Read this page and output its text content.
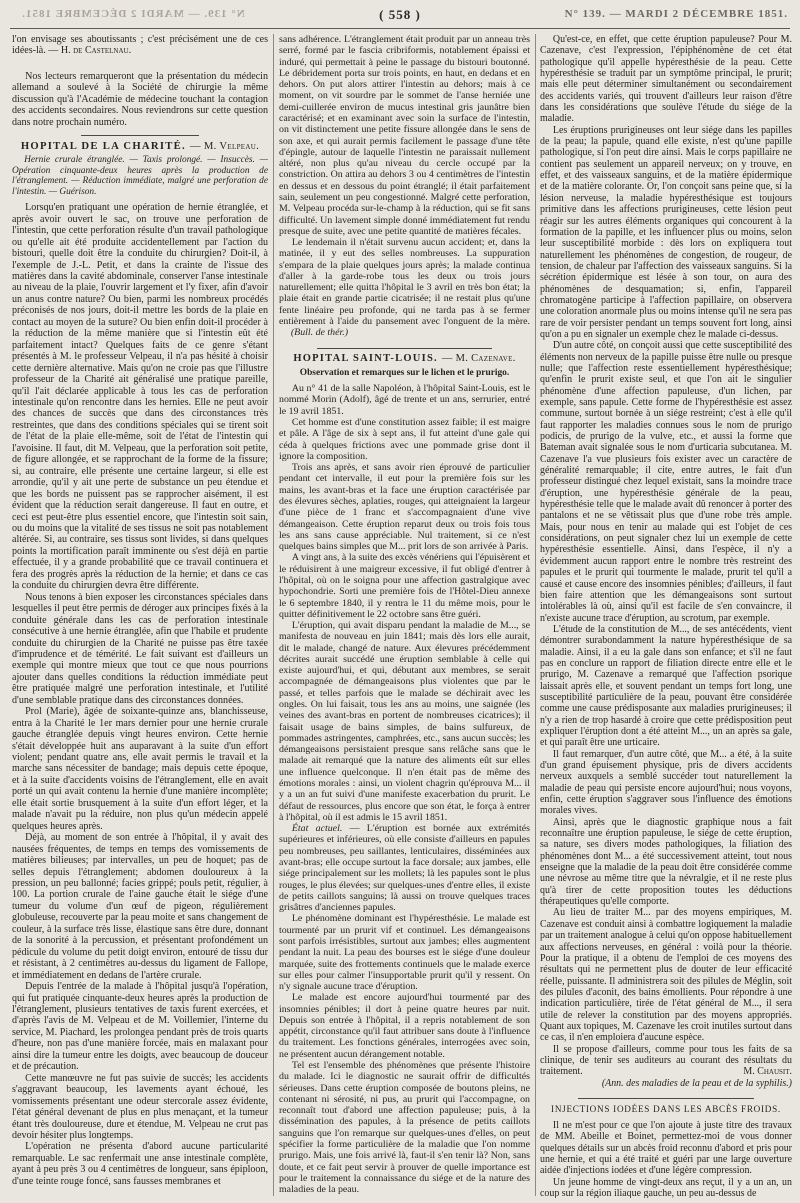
N° 139. — MARDI 2 DÉCEMBRE 1851.	( 558 )	N° 139. — MARDI 2 DÉCEMBRE 1851.

l'on envisage ses aboutissants ; c'est précisément une de ces idées-là. — H. de Castelnau.

Nos lecteurs remarqueront que la présentation du médecin allemand a soulevé à la Société de chirurgie la même discussion qu'à l'Académie de médecine touchant la contagion des accidents secondaires. Nous reviendrons sur cette question dans notre prochain numéro.

HOPITAL DE LA CHARITÉ. — M. Velpeau.

Hernie crurale étranglée. — Taxis prolongé. — Insuccès. — Opération cinquante-deux heures après la production de l'étranglement. — Réduction immédiate, malgré une perforation de l'intestin. — Guérison.

Lorsqu'en pratiquant une opération de hernie étranglée, et après avoir ouvert le sac, on trouve une perforation de l'intestin, que cette perforation résulte d'un travail pathologique ou qu'elle ait été produite accidentellement par l'action du bistouri, quelle doit être la conduite du chirurgien? Doit-il, à l'exemple de J.-L. Petit, et dans la crainte de l'issue des matières dans la cavité abdominale, conserver l'anse intestinale au niveau de la plaie, l'ouvrir largement et l'y fixer, afin d'avoir un anus contre nature? Ou bien, parmi les nombreux procédés préconisés de nos jours, doit-il mettre les bords de la plaie en contact au moyen de la suture? Ou bien enfin doit-il procéder à la réduction de la même manière que si l'intestin eût été parfaitement intact? Quelques faits de ce genre s'étant présentés à M. le professeur Velpeau, il n'a pas hésité à choisir cette dernière alternative. Mais qu'on ne croie pas que l'illustre professeur de la Charité ait généralisé une pratique pareille, qu'il l'ait déclarée applicable à tous les cas de perforation intestinale qu'on rencontre dans les hernies. Elle ne peut avoir des chances de succès que dans des circonstances très restreintes, que dans des conditions spéciales qui se tirent soit de l'état de la plaie elle-même, soit de l'état de l'intestin qui l'avoisine. Il faut, dit M. Velpeau, que la perforation soit petite, de figure allongée, et se rapprochant de la forme de la fissure; si, au contraire, elle présente une certaine largeur, si elle est arrondie, qu'il y ait une perte de substance un peu étendue et que les bords ne puissent pas se rapprocher aisément, il est évident que la réduction serait dangereuse. Il faut en outre, et ceci est peut-être plus essentiel encore, que l'intestin soit sain, ou du moins que la vitalité de ses tissus ne soit pas notablement altérée. Si, au contraire, ses tissus sont livides, si dans quelques points la mortification paraît imminente ou s'est déjà en partie effectuée, il y a grande probabilité que ce travail continuera et fera des progrès après la réduction de la hernie; et dans ce cas la conduite du chirurgien devra être différente.

Nous tenons à bien exposer les circonstances spéciales dans lesquelles il peut être permis de déroger aux principes fixés à la conduite générale dans les cas de perforation intestinale consécutive à une hernie étranglée, afin que l'habile et prudente conduite du chirurgien de la Charité ne puisse pas être taxée d'imprudence et de témérité. Le fait suivant est d'ailleurs un exemple qui montre mieux que tout ce que nous pourrions ajouter dans quelles conditions la réduction immédiate peut être pratiquée malgré une perforation intestinale, et l'utilité d'une semblable pratique dans des circonstances données.

Prol (Marie), âgée de soixante-quinze ans, blanchisseuse, entra à la Charité le 1er mars dernier pour une hernie crurale gauche étranglée depuis vingt heures environ. Cette hernie s'était développée huit ans auparavant à la suite d'un effort violent; pendant quatre ans, elle avait permis le travail et la marche sans nécessiter de bandage; mais depuis cette époque, et à la suite d'accidents voisins de l'étranglement, elle en avait porté un qui avait contenu la hernie d'une manière incomplète; elle était sortie brusquement à la suite d'un effort léger, et la malade n'avait pu la réduire, non plus qu'un médecin appelé quelques heures après.

Déjà, au moment de son entrée à l'hôpital, il y avait des nausées fréquentes, de temps en temps des vomissements de matières bilieuses; par intervalles, un peu de hoquet; pas de selles depuis l'étranglement; abdomen douloureux à la pression, un peu ballonné; facies grippé; pouls petit, régulier, à 100. La portion crurale de l'aine gauche était le siége d'une tumeur du volume d'un œuf de pigeon, régulièrement globuleuse, recouverte par la peau moite et sans changement de couleur, à la surface très lisse, élastique sans être dure, donnant de la sonorité à la percussion, et présentant profondément un pédicule du volume du petit doigt environ, entouré de tissu dur et résistant, à 2 centimètres au-dessus du ligament de Fallope, et immédiatement en dedans de l'artère crurale.

Depuis l'entrée de la malade à l'hôpital jusqu'à l'opération, qui fut pratiquée cinquante-deux heures après la production de l'étranglement, plusieurs tentatives de taxis furent exercées, et d'après l'avis de M. Velpeau et de M. Voillemier, l'interne du service, M. Piachard, les prolongea pendant près de trois quarts d'heure, non pas d'une manière forcée, mais en malaxant pour ainsi dire la tumeur entre les doigts, avec beaucoup de douceur et de précaution.

Cette manœuvre ne fut pas suivie de succès; les accidents s'aggravant beaucoup, les lavements ayant échoué, les vomissements présentant une odeur stercorale assez évidente, l'état général devenant de plus en plus menaçant, et la tumeur étant très douloureuse, dure et étendue, M. Velpeau ne crut pas devoir hésiter plus longtemps.

L'opération ne présenta d'abord aucune particularité remarquable. Le sac renfermait une anse intestinale complète, ayant à peu près 3 ou 4 centimètres de longueur, sans épiploon, d'une teinte rouge foncé, sans fausses membranes et

sans adhérence. L'étranglement était produit par un anneau très serré, formé par le fascia cribriformis, notablement épaissi et induré, qui permettait à peine le passage du bistouri boutonné. Le débridement porta sur trois points, en haut, en dedans et en dehors. On put alors attirer l'intestin au dehors; mais à ce moment, on vit sourdre par le sommet de l'anse herniée une demi-cuillerée environ de mucus intestinal gris jaunâtre bien caractérisé; et en examinant avec soin la surface de l'intestin, on vit distinctement une petite fissure allongée dans le sens de son axe, et qui aurait permis facilement le passage d'une tête d'épingle, autour de laquelle l'intestin ne paraissait nullement altéré, non plus qu'au niveau du cercle occupé par la constriction. On attira au dehors 3 ou 4 centimètres de l'intestin en dessus et en dessous du point étranglé; il était parfaitement sain, seulement un peu congestionné. Malgré cette perforation, M. Velpeau procéda sur-le-champ à la réduction, qui se fit sans difficulté. Un lavement simple donné immédiatement fut rendu presque de suite, avec une petite quantité de matières fécales.

Le lendemain il n'était survenu aucun accident; et, dans la matinée, il y eut des selles nombreuses. La suppuration s'empara de la plaie quelques jours après; la malade continua d'aller à la garde-robe tous les deux ou trois jours naturellement; elle quitta l'hôpital le 3 avril en très bon état; la plaie était en grande partie cicatrisée; il ne restait plus qu'une fente linéaire peu profonde, qui ne tarda pas à se fermer entièrement à l'aide du pansement avec l'onguent de la mère. (Bull. de thér.)

HOPITAL SAINT-LOUIS. — M. Cazenave.

Observation et remarques sur le lichen et le prurigo.

Au n° 41 de la salle Napoléon, à l'hôpital Saint-Louis, est le nommé Morin (Adolf), âgé de trente et un ans, serrurier, entré le 19 avril 1851.

Cet homme est d'une constitution assez faible; il est maigre et pâle. A l'âge de six à sept ans, il fut atteint d'une gale qui céda à quelques frictions avec une pommade grise dont il ignore la composition.

Trois ans après, et sans avoir rien éprouvé de particulier pendant cet intervalle, il eut pour la première fois sur les mains, les avant-bras et la face une éruption caractérisée par des élevures sèches, aplaties, rouges, qui atteignaient la largeur d'une pièce de 1 franc et s'accompagnaient d'une vive démangeaison. Cette éruption reparut deux ou trois fois tous les ans sans cause appréciable. Nul traitement, si ce n'est quelques bains simples que M... prit lors de son arrivée à Paris.

A vingt ans, à la suite des excès vénériens qui l'épuisèrent et le réduisirent à une maigreur excessive, il fut obligé d'entrer à l'hôpital, où on le soigna pour une affection gastralgique avec hypochondrie. Sorti une première fois de l'Hôtel-Dieu annexe le 6 septembre 1840, il y rentra le 11 du même mois, pour le quitter définitivement le 22 octobre sans être guéri.

L'éruption, qui avait disparu pendant la maladie de M..., se manifesta de nouveau en juin 1841; mais dès lors elle aurait, dit le malade, changé de nature. Aux élevures précédemment décrites aurait succédé une éruption semblable à celle qui existe aujourd'hui, et qui, débutant aux membres, se serait accompagnée de démangeaisons plus violentes que par le passé, et telles parfois que le malade se déchirait avec les ongles. On lui faisait, tous les ans au moins, une saignée (les veines des avant-bras en portent de nombreuses cicatrices); il faisait usage de bains simples, de bains sulfureux, de pommades astringentes, camphrées, etc., sans aucun succès; les démangeaisons persistaient presque sans relâche sans que le malade ait remarqué que la nature des aliments eût sur elles une influence quelconque. Il n'en était pas de même des émotions morales : ainsi, un violent chagrin qu'éprouva M... il y a un an fut suivi d'une manifeste exacerbation du prurit. Le défaut de ressources, plus encore que son état, le força à entrer à l'hôpital, où il est admis le 15 avril 1851.

État actuel. — L'éruption est bornée aux extrémités supérieures et inférieures, où elle consiste d'ailleurs en papules peu nombreuses, peu saillantes, lenticulaires, disséminées aux avant-bras; elle occupe surtout la face dorsale; aux jambes, elle siége principalement sur les mollets; là les papules sont le plus rouges, le plus élevées; sur quelques-unes d'entre elles, il existe de petits caillots sanguins; là aussi on trouve quelques traces grisâtres d'anciennes papules.

Le phénomène dominant est l'hypéresthésie. Le malade est tourmenté par un prurit vif et continuel. Les démangeaisons sont parfois irrésistibles, surtout aux jambes; elles augmentent pendant la nuit. La peau des bourses est le siége d'une douleur marquée, suite des frottements continuels que le malade exerce sur elles pour calmer l'insupportable prurit qu'il y ressent. On n'y signale aucune trace d'éruption.

Le malade est encore aujourd'hui tourmenté par des insomnies pénibles; il dort à peine quatre heures par nuit. Depuis son entrée à l'hôpital, il a repris notablement de son appétit, circonstance qu'il faut attribuer sans doute à l'influence du traitement. Les fonctions générales, interrogées avec soin, ne présentent aucun dérangement notable.

Tel est l'ensemble des phénomènes que présente l'histoire du malade. Ici le diagnostic ne saurait offrir de difficultés sérieuses. Dans cette éruption composée de boutons pleins, ne contenant ni sérosité, ni pus, au prurit qui l'accompagne, on reconnaît tout d'abord une affection papuleuse; puis, à la dissémination des papules, à la présence de petits caillots sanguins que l'on remarque sur quelques-unes d'elles, on peut spécifier la forme particulière de la maladie que l'on nomme prurigo. Mais, une fois arrivé là, faut-il s'en tenir là? Non, sans doute, et ce fait peut servir à prouver de quelle importance est pour le traitement la connaissance du siége et de la nature des maladies de la peau.

Qu'est-ce, en effet, que cette éruption papuleuse? Pour M. Cazenave, c'est l'expression, l'épiphénomène de cet état pathologique qu'il appelle hypéresthésie de la peau. Cette hypéresthésie se traduit par un symptôme principal, le prurit; mais elle peut déterminer simultanément ou secondairement des accidents variés, qui trouvent d'ailleurs leur raison d'être dans les considérations que soulève l'étude du siége de la maladie.

Les éruptions prurigineuses ont leur siége dans les papilles de la peau; la papule, quand elle existe, n'est qu'une papille pathologique, si l'on peut dire ainsi. Mais le corps papillaire ne contient pas seulement un appareil nerveux; on y trouve, en effet, et des vaisseaux sanguins, et de la matière épidermique et de la matière colorante. Or, l'on conçoit sans peine que, si la lésion nerveuse, la maladie hypéresthésique est toujours primitive dans les affections prurigineuses, cette lésion peut réagir sur les autres éléments organiques qui concourent à la formation de la papille, et les influencer plus ou moins, selon leur susceptibilité morbide : dès lors on expliquera tout naturellement les phénomènes de congestion, de rougeur, de tension, de chaleur par l'affection des vaisseaux sanguins. Si la sécrétion épidermique est lésée à son tour, on aura des phénomènes de desquamation; si, enfin, l'appareil chromatogène participe à l'affection papillaire, on observera une coloration anormale plus ou moins intense qu'il ne sera pas rare de voir persister pendant un temps souvent fort long, ainsi qu'on a pu en signaler un exemple chez le malade ci-dessus.

D'un autre côté, on conçoit aussi que cette susceptibilité des éléments non nerveux de la papille puisse être nulle ou presque nulle; que l'affection reste essentiellement hypéresthésique; qu'enfin le prurit existe seul, et que l'on ait le singulier phénomène d'une affection papuleuse, d'un lichen, par exemple, sans papule. Cette forme de l'hypéresthésie est assez commune, surtout bornée à un siége restreint; c'est à elle qu'il faut rapporter les maladies connues sous le nom de prurigo podicis, de prurigo de la vulve, etc., et aussi la forme que Bateman avait signalée sous le nom d'urticaria subcutanea. M. Cazenave l'a vue plusieurs fois exister avec un caractère de généralité remarquable; il cite, entre autres, le fait d'un professeur distingué chez lequel existait, sans la moindre trace d'éruption, une hypéresthésie générale de la peau, hypéresthésie telle que le malade avait dû renoncer à porter des pantalons et ne se vêtissait plus que d'une robe très ample. Mais, pour nous en tenir au malade qui est l'objet de ces considérations, on peut signaler chez lui un exemple de cette hypéresthésie essentielle. Ainsi, dans l'espèce, il n'y a évidemment aucun rapport entre le nombre très restreint des papules et le prurit qui tourmente le malade, prurit tel qu'il a causé et cause encore des insomnies pénibles; d'ailleurs, il faut bien faire attention que les démangeaisons sont surtout intolérables là où, ainsi qu'il est facile de s'en convaincre, il n'existe aucune trace d'éruption, au scrotum, par exemple.

L'étude de la constitution de M..., de ses antécédents, vient démontrer surabondamment la nature hypéresthésique de sa maladie. Ainsi, il a eu la gale dans son enfance; et s'il ne faut pas en conclure un rapport de filiation directe entre elle et le prurigo, M. Cazenave a remarqué que l'affection psorique laissait après elle, et souvent pendant un temps fort long, une susceptibilité particulière de la peau, pouvant être considérée comme une cause prédisposante aux maladies prurigineuses; il n'y a rien de trop hasardé à croire que cette prédisposition peut expliquer l'éruption dont a été atteint M..., un an après sa gale, et qui paraît être une urticaire.

Il faut remarquer, d'un autre côté, que M... a été, à la suite d'un grand épuisement physique, pris de divers accidents nerveux auxquels a semblé succéder tout naturellement la maladie de peau qui persiste encore aujourd'hui; nous voyons, enfin, cette éruption s'aggraver sous l'influence des émotions morales vives.

Ainsi, après que le diagnostic graphique nous a fait reconnaître une éruption papuleuse, le siége de cette éruption, sa nature, ses divers modes pathologiques, la filiation des phénomènes dont M... a été successivement atteint, tout nous enseigne que la maladie de la peau doit être considérée comme une névrose au même titre que la névralgie, et il ne reste plus qu'à tirer de cette proposition toutes les déductions thérapeutiques qu'elle comporte.

Au lieu de traiter M... par des moyens empiriques, M. Cazenave est conduit ainsi à combattre logiquement la maladie par un traitement analogue à celui qu'on oppose habituellement aux affections nerveuses, en général : voilà pour la théorie. Pour la pratique, il a obtenu de l'emploi de ces moyens des résultats qui ne permettent plus de douter de leur efficacité réelle, puissante. Il administrera soit des pilules de Méglin, soit des pilules d'aconit, des bains émollients. Pour répondre à une indication particulière, tirée de l'état général de M..., il sera utile de relever la constitution par des moyens appropriés. Quant aux topiques, M. Cazenave les croit inutiles surtout dans ce cas, il n'en emploiera d'aucune espèce.

Il se propose d'ailleurs, comme pour tous les faits de sa clinique, de tenir ses auditeurs au courant des résultats du traitement.	M. Chausit.

(Ann. des maladies de la peau et de la syphilis.)

INJECTIONS IODÉES DANS LES ABCÈS FROIDS.

Il ne m'est pour ce que l'on ajoute à juste titre des travaux de MM. Abeille et Boinet, permettez-moi de vous donner quelques détails sur un abcès froid reconnu d'abord et pris pour une hernie, et qui a été traité et guéri par une large ouverture aidée d'injections iodées et d'une légère compression.

Un jeune homme de vingt-deux ans reçut, il y a un an, un coup sur la région iliaque gauche, un peu au-dessus de
